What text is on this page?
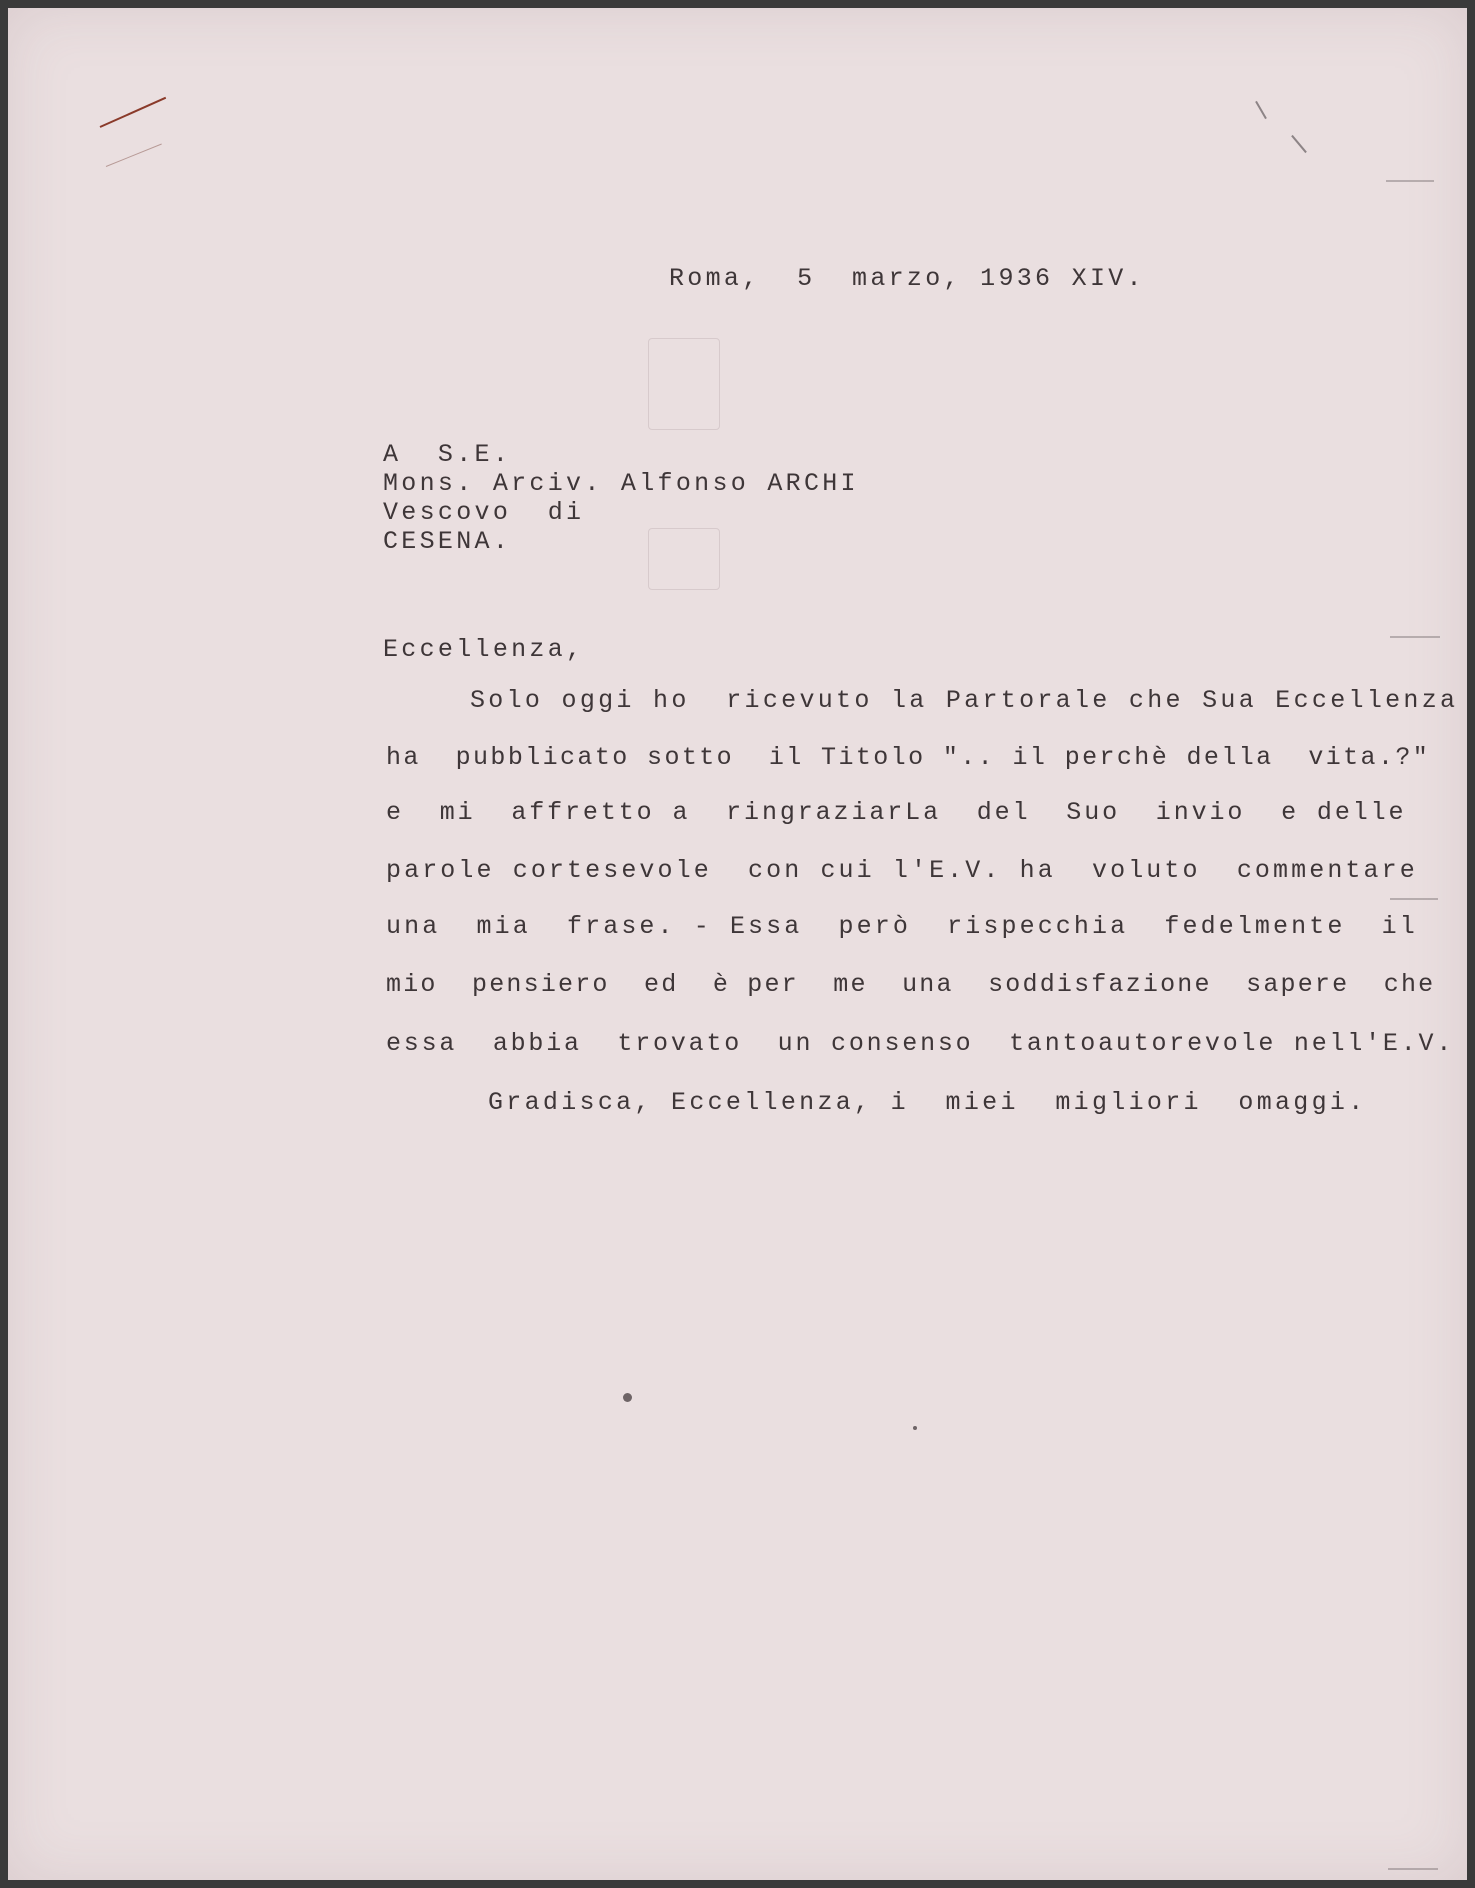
Roma,  5  marzo, 1936 XIV.
A  S.E.
Mons. Arciv. Alfonso ARCHI
Vescovo  di
CESENA.
Eccellenza,
Solo oggi ho  ricevuto la Partorale che Sua Eccellenza
ha  pubblicato sotto  il Titolo ".. il perchè della  vita.?"
e  mi  affretto a  ringraziarLa  del  Suo  invio  e delle
parole cortesevole  con cui l'E.V. ha  voluto  commentare
una  mia  frase. - Essa  però  rispecchia  fedelmente  il
mio  pensiero  ed  è per  me  una  soddisfazione  sapere  che
essa  abbia  trovato  un consenso  tantoautorevole nell'E.V.
Gradisca, Eccellenza, i  miei  migliori  omaggi.
